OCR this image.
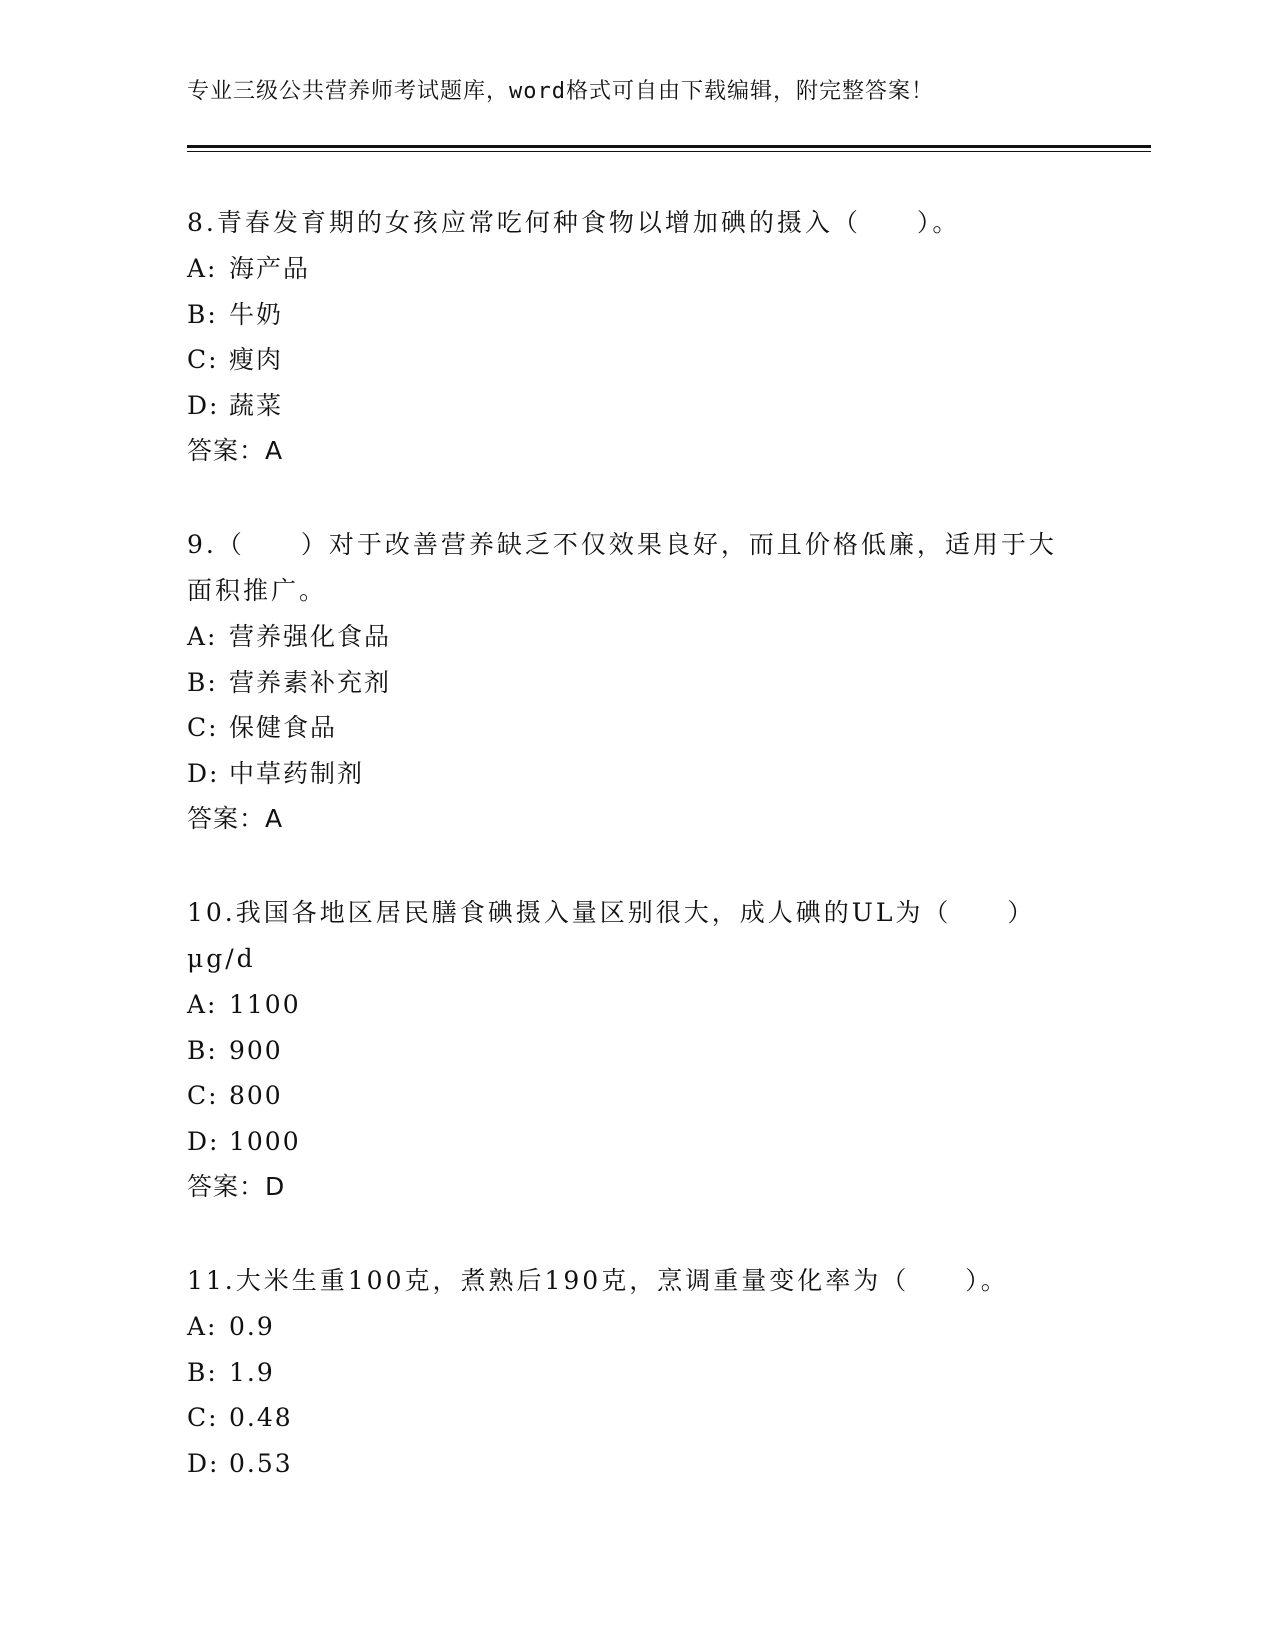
专业三级公共营养师考试题库，word格式可自由下载编辑，附完整答案！
8.青春发育期的女孩应常吃何种食物以增加碘的摄入（　　）。
A: 海产品
B: 牛奶
C: 瘦肉
D: 蔬菜
答案：A
9.（　　）对于改善营养缺乏不仅效果良好，而且价格低廉，适用于大面积推广。
A: 营养强化食品
B: 营养素补充剂
C: 保健食品
D: 中草药制剂
答案：A
10.我国各地区居民膳食碘摄入量区别很大，成人碘的UL为（　　）μg/d
A: 1100
B: 900
C: 800
D: 1000
答案：D
11.大米生重100克，煮熟后190克，烹调重量变化率为（　　）。
A: 0.9
B: 1.9
C: 0.48
D: 0.53
